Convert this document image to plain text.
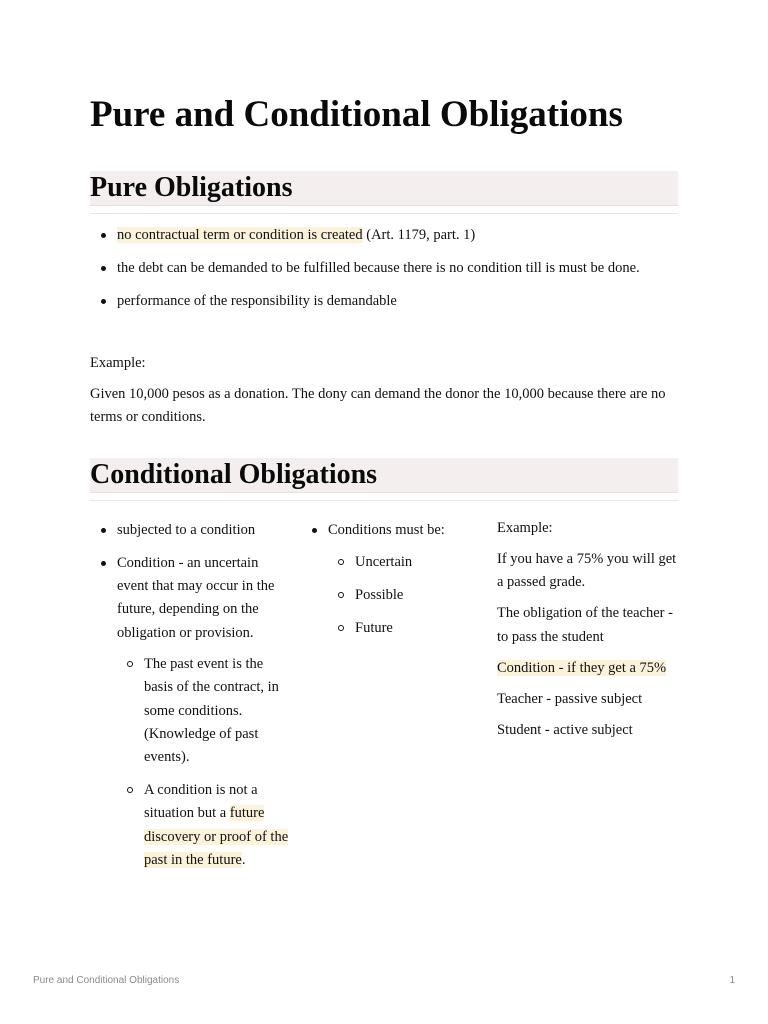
Pure and Conditional Obligations
Pure Obligations
no contractual term or condition is created (Art. 1179, part. 1)
the debt can be demanded to be fulfilled because there is no condition till is must be done.
performance of the responsibility is demandable
Example:
Given 10,000 pesos as a donation. The dony can demand the donor the 10,000 because there are no terms or conditions.
Conditional Obligations
subjected to a condition
Condition - an uncertain event that may occur in the future, depending on the obligation or provision.
The past event is the basis of the contract, in some conditions. (Knowledge of past events).
A condition is not a situation but a future discovery or proof of the past in the future.
Conditions must be:
Uncertain
Possible
Future

Example:

If you have a 75% you will get a passed grade.

The obligation of the teacher - to pass the student

Condition - if they get a 75%

Teacher - passive subject

Student - active subject

Pure and Conditional Obligations	1
